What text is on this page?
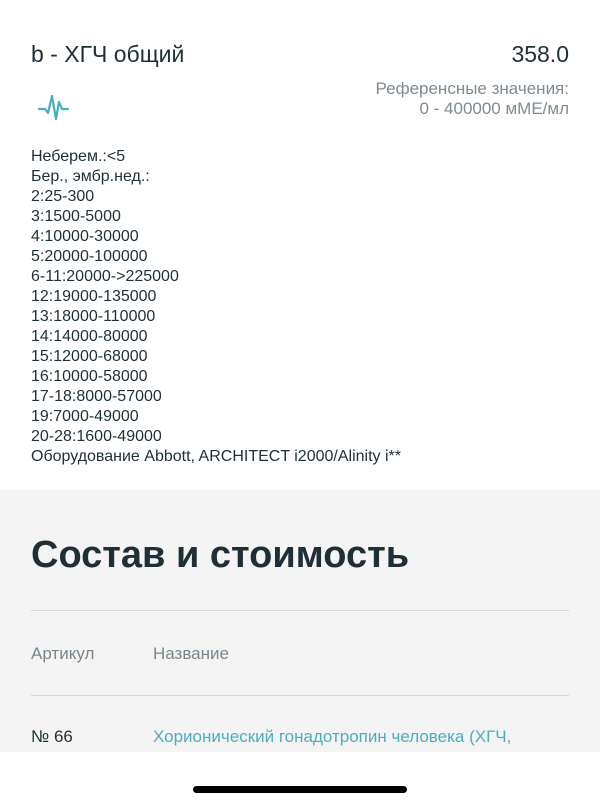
b - ХГЧ общий	358.0
Референсные значения:
0 - 400000 мМЕ/мл
Неберем.:<5
Бер., эмбр.нед.:
2:25-300
3:1500-5000
4:10000-30000
5:20000-100000
6-11:20000->225000
12:19000-135000
13:18000-110000
14:14000-80000
15:12000-68000
16:10000-58000
17-18:8000-57000
19:7000-49000
20-28:1600-49000
Оборудование Abbott, ARCHITECT i2000/Alinity i**
Состав и стоимость
Артикул	Название
№ 66	Хорионический гонадотропин человека (ХГЧ,
